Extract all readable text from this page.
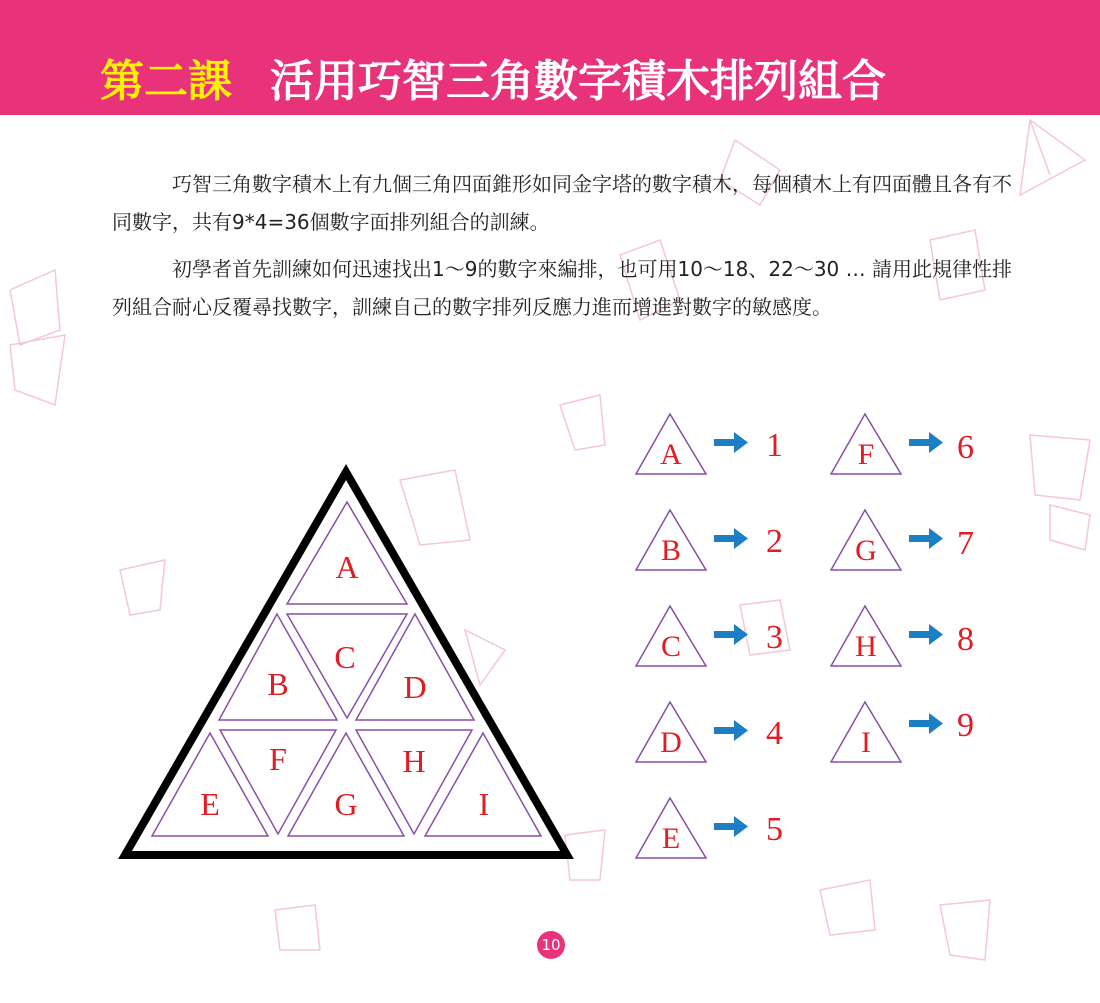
第二課 活用巧智三角數字積木排列組合

巧智三角數字積木上有九個三角四面錐形如同金字塔的數字積木，每個積木上有四面體且各有不同數字，共有9*4=36個數字面排列組合的訓練。

初學者首先訓練如何迅速找出1～9的數字來編排，也可用10～18、22～30 … 請用此規律性排列組合耐心反覆尋找數字，訓練自己的數字排列反應力進而增進對數字的敏感度。

A
B
C
D
E
F
G
H
I
A 1
B 2
C 3
D 4
E	5
F 6
G 7
H 8
I	9
10
